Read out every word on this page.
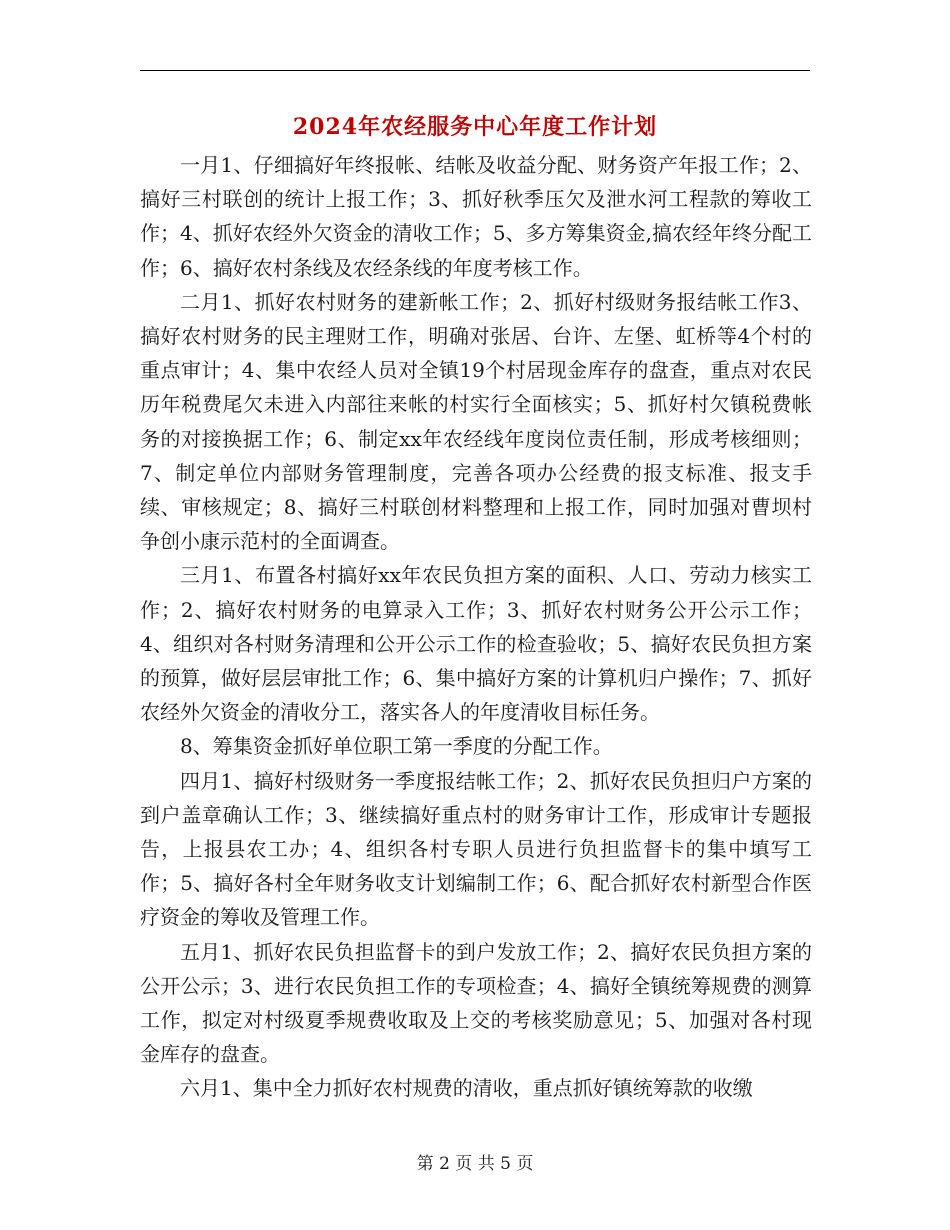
2024年农经服务中心年度工作计划

一月1、仔细搞好年终报帐、结帐及收益分配、财务资产年报工作；2、搞好三村联创的统计上报工作；3、抓好秋季压欠及泄水河工程款的筹收工作；4、抓好农经外欠资金的清收工作；5、多方筹集资金,搞农经年终分配工作；6、搞好农村条线及农经条线的年度考核工作。

二月1、抓好农村财务的建新帐工作；2、抓好村级财务报结帐工作3、搞好农村财务的民主理财工作，明确对张居、台许、左堡、虹桥等4个村的重点审计；4、集中农经人员对全镇19个村居现金库存的盘查，重点对农民历年税费尾欠未进入内部往来帐的村实行全面核实；5、抓好村欠镇税费帐务的对接换据工作；6、制定xx年农经线年度岗位责任制，形成考核细则；7、制定单位内部财务管理制度，完善各项办公经费的报支标准、报支手续、审核规定；8、搞好三村联创材料整理和上报工作，同时加强对曹坝村争创小康示范村的全面调查。

三月1、布置各村搞好xx年农民负担方案的面积、人口、劳动力核实工作；2、搞好农村财务的电算录入工作；3、抓好农村财务公开公示工作；4、组织对各村财务清理和公开公示工作的检查验收；5、搞好农民负担方案的预算，做好层层审批工作；6、集中搞好方案的计算机归户操作；7、抓好农经外欠资金的清收分工，落实各人的年度清收目标任务。

8、筹集资金抓好单位职工第一季度的分配工作。

四月1、搞好村级财务一季度报结帐工作；2、抓好农民负担归户方案的到户盖章确认工作；3、继续搞好重点村的财务审计工作，形成审计专题报告，上报县农工办；4、组织各村专职人员进行负担监督卡的集中填写工作；5、搞好各村全年财务收支计划编制工作；6、配合抓好农村新型合作医疗资金的筹收及管理工作。

五月1、抓好农民负担监督卡的到户发放工作；2、搞好农民负担方案的公开公示；3、进行农民负担工作的专项检查；4、搞好全镇统筹规费的测算工作，拟定对村级夏季规费收取及上交的考核奖励意见；5、加强对各村现金库存的盘查。

六月1、集中全力抓好农村规费的清收，重点抓好镇统筹款的收缴

第 2 页 共 5 页
